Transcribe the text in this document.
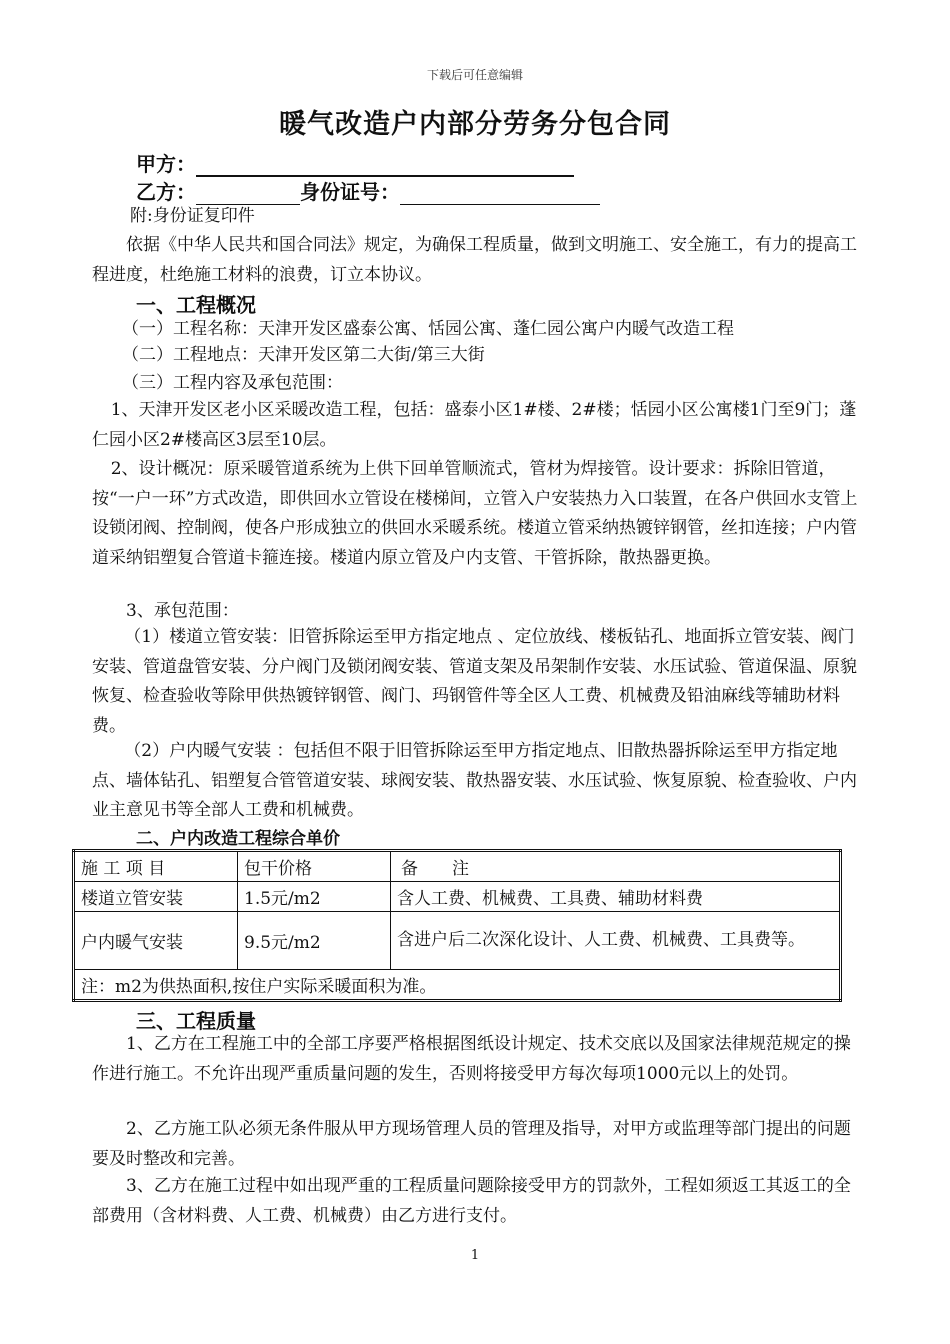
下载后可任意编辑
暖气改造户内部分劳务分包合同
甲方：
乙方：	身份证号：
附:身份证复印件
依据《中华人民共和国合同法》规定，为确保工程质量，做到文明施工、安全施工，有力的提高工程进度，杜绝施工材料的浪费，订立本协议。
一、工程概况
（一）工程名称：天津开发区盛泰公寓、恬园公寓、蓬仁园公寓户内暖气改造工程
（二）工程地点：天津开发区第二大街/第三大街
（三）工程内容及承包范围：
1、天津开发区老小区采暖改造工程，包括：盛泰小区1#楼、2#楼；恬园小区公寓楼1门至9门；蓬仁园小区2#楼高区3层至10层。
2、设计概况：原采暖管道系统为上供下回单管顺流式，管材为焊接管。设计要求：拆除旧管道，按“一户一环”方式改造，即供回水立管设在楼梯间，立管入户安装热力入口装置，在各户供回水支管上设锁闭阀、控制阀，使各户形成独立的供回水采暖系统。楼道立管采纳热镀锌钢管，丝扣连接；户内管道采纳铝塑复合管道卡箍连接。楼道内原立管及户内支管、干管拆除，散热器更换。
3、承包范围：
（1）楼道立管安装：旧管拆除运至甲方指定地点 、定位放线、楼板钻孔、地面拆立管安装、阀门安装、管道盘管安装、分户阀门及锁闭阀安装、管道支架及吊架制作安装、水压试验、管道保温、原貌恢复、检查验收等除甲供热镀锌钢管、阀门、玛钢管件等全区人工费、机械费及铅油麻线等辅助材料费。
（2）户内暖气安装 ：包括但不限于旧管拆除运至甲方指定地点、旧散热器拆除运至甲方指定地点、墙体钻孔、铝塑复合管管道安装、球阀安装、散热器安装、水压试验、恢复原貌、检查验收、户内业主意见书等全部人工费和机械费。
二、户内改造工程综合单价
施 工 项 目	包干价格	备　　注
楼道立管安装	1.5元/m2	含人工费、机械费、工具费、辅助材料费
户内暖气安装	9.5元/m2	含进户后二次深化设计、人工费、机械费、工具费等。
注：m2为供热面积,按住户实际采暖面积为准。		
三、工程质量
1、乙方在工程施工中的全部工序要严格根据图纸设计规定、技术交底以及国家法律规范规定的操作进行施工。不允许出现严重质量问题的发生，否则将接受甲方每次每项1000元以上的处罚。
2、乙方施工队必须无条件服从甲方现场管理人员的管理及指导，对甲方或监理等部门提出的问题要及时整改和完善。
3、乙方在施工过程中如出现严重的工程质量问题除接受甲方的罚款外，工程如须返工其返工的全部费用（含材料费、人工费、机械费）由乙方进行支付。
1
